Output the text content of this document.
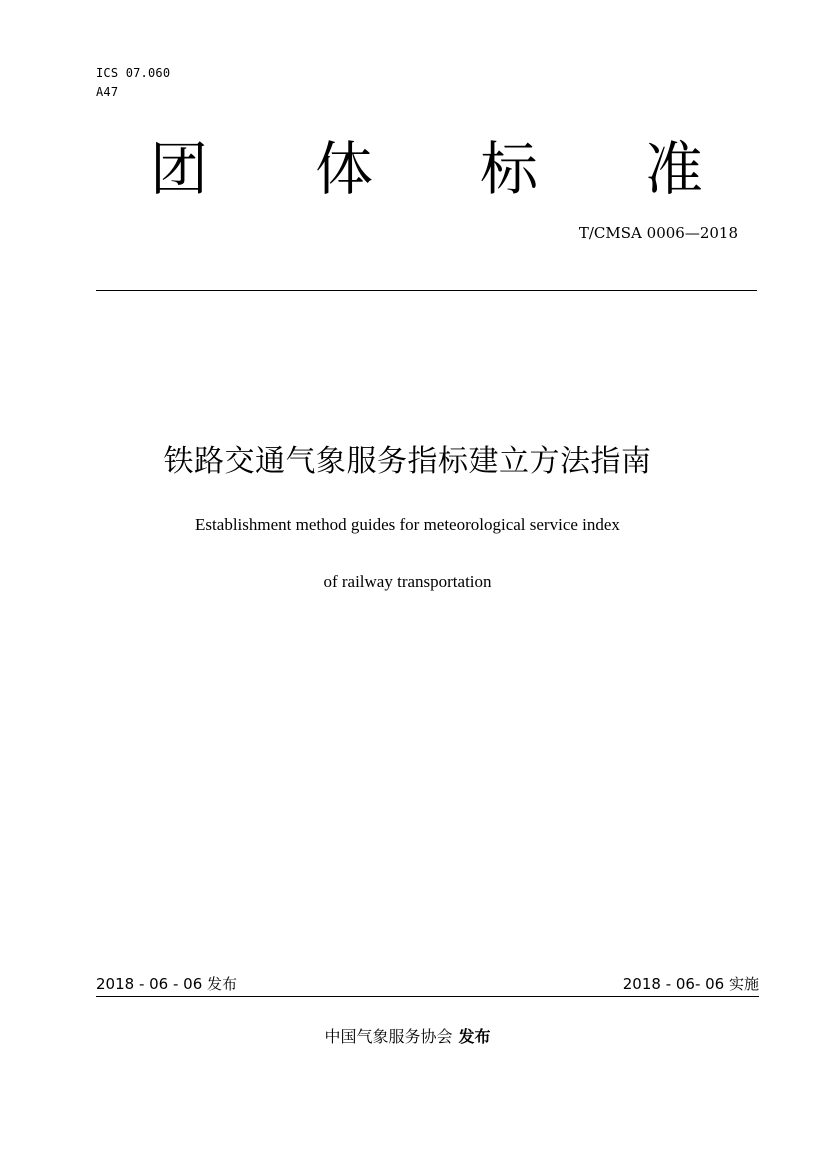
ICS 07.060
A47
团 体 标 准
T/CMSA 0006—2018
铁路交通气象服务指标建立方法指南
Establishment method guides for meteorological service index
of railway transportation
2018 - 06 - 06 发布	2018 - 06- 06 实施
中国气象服务协会 发布
